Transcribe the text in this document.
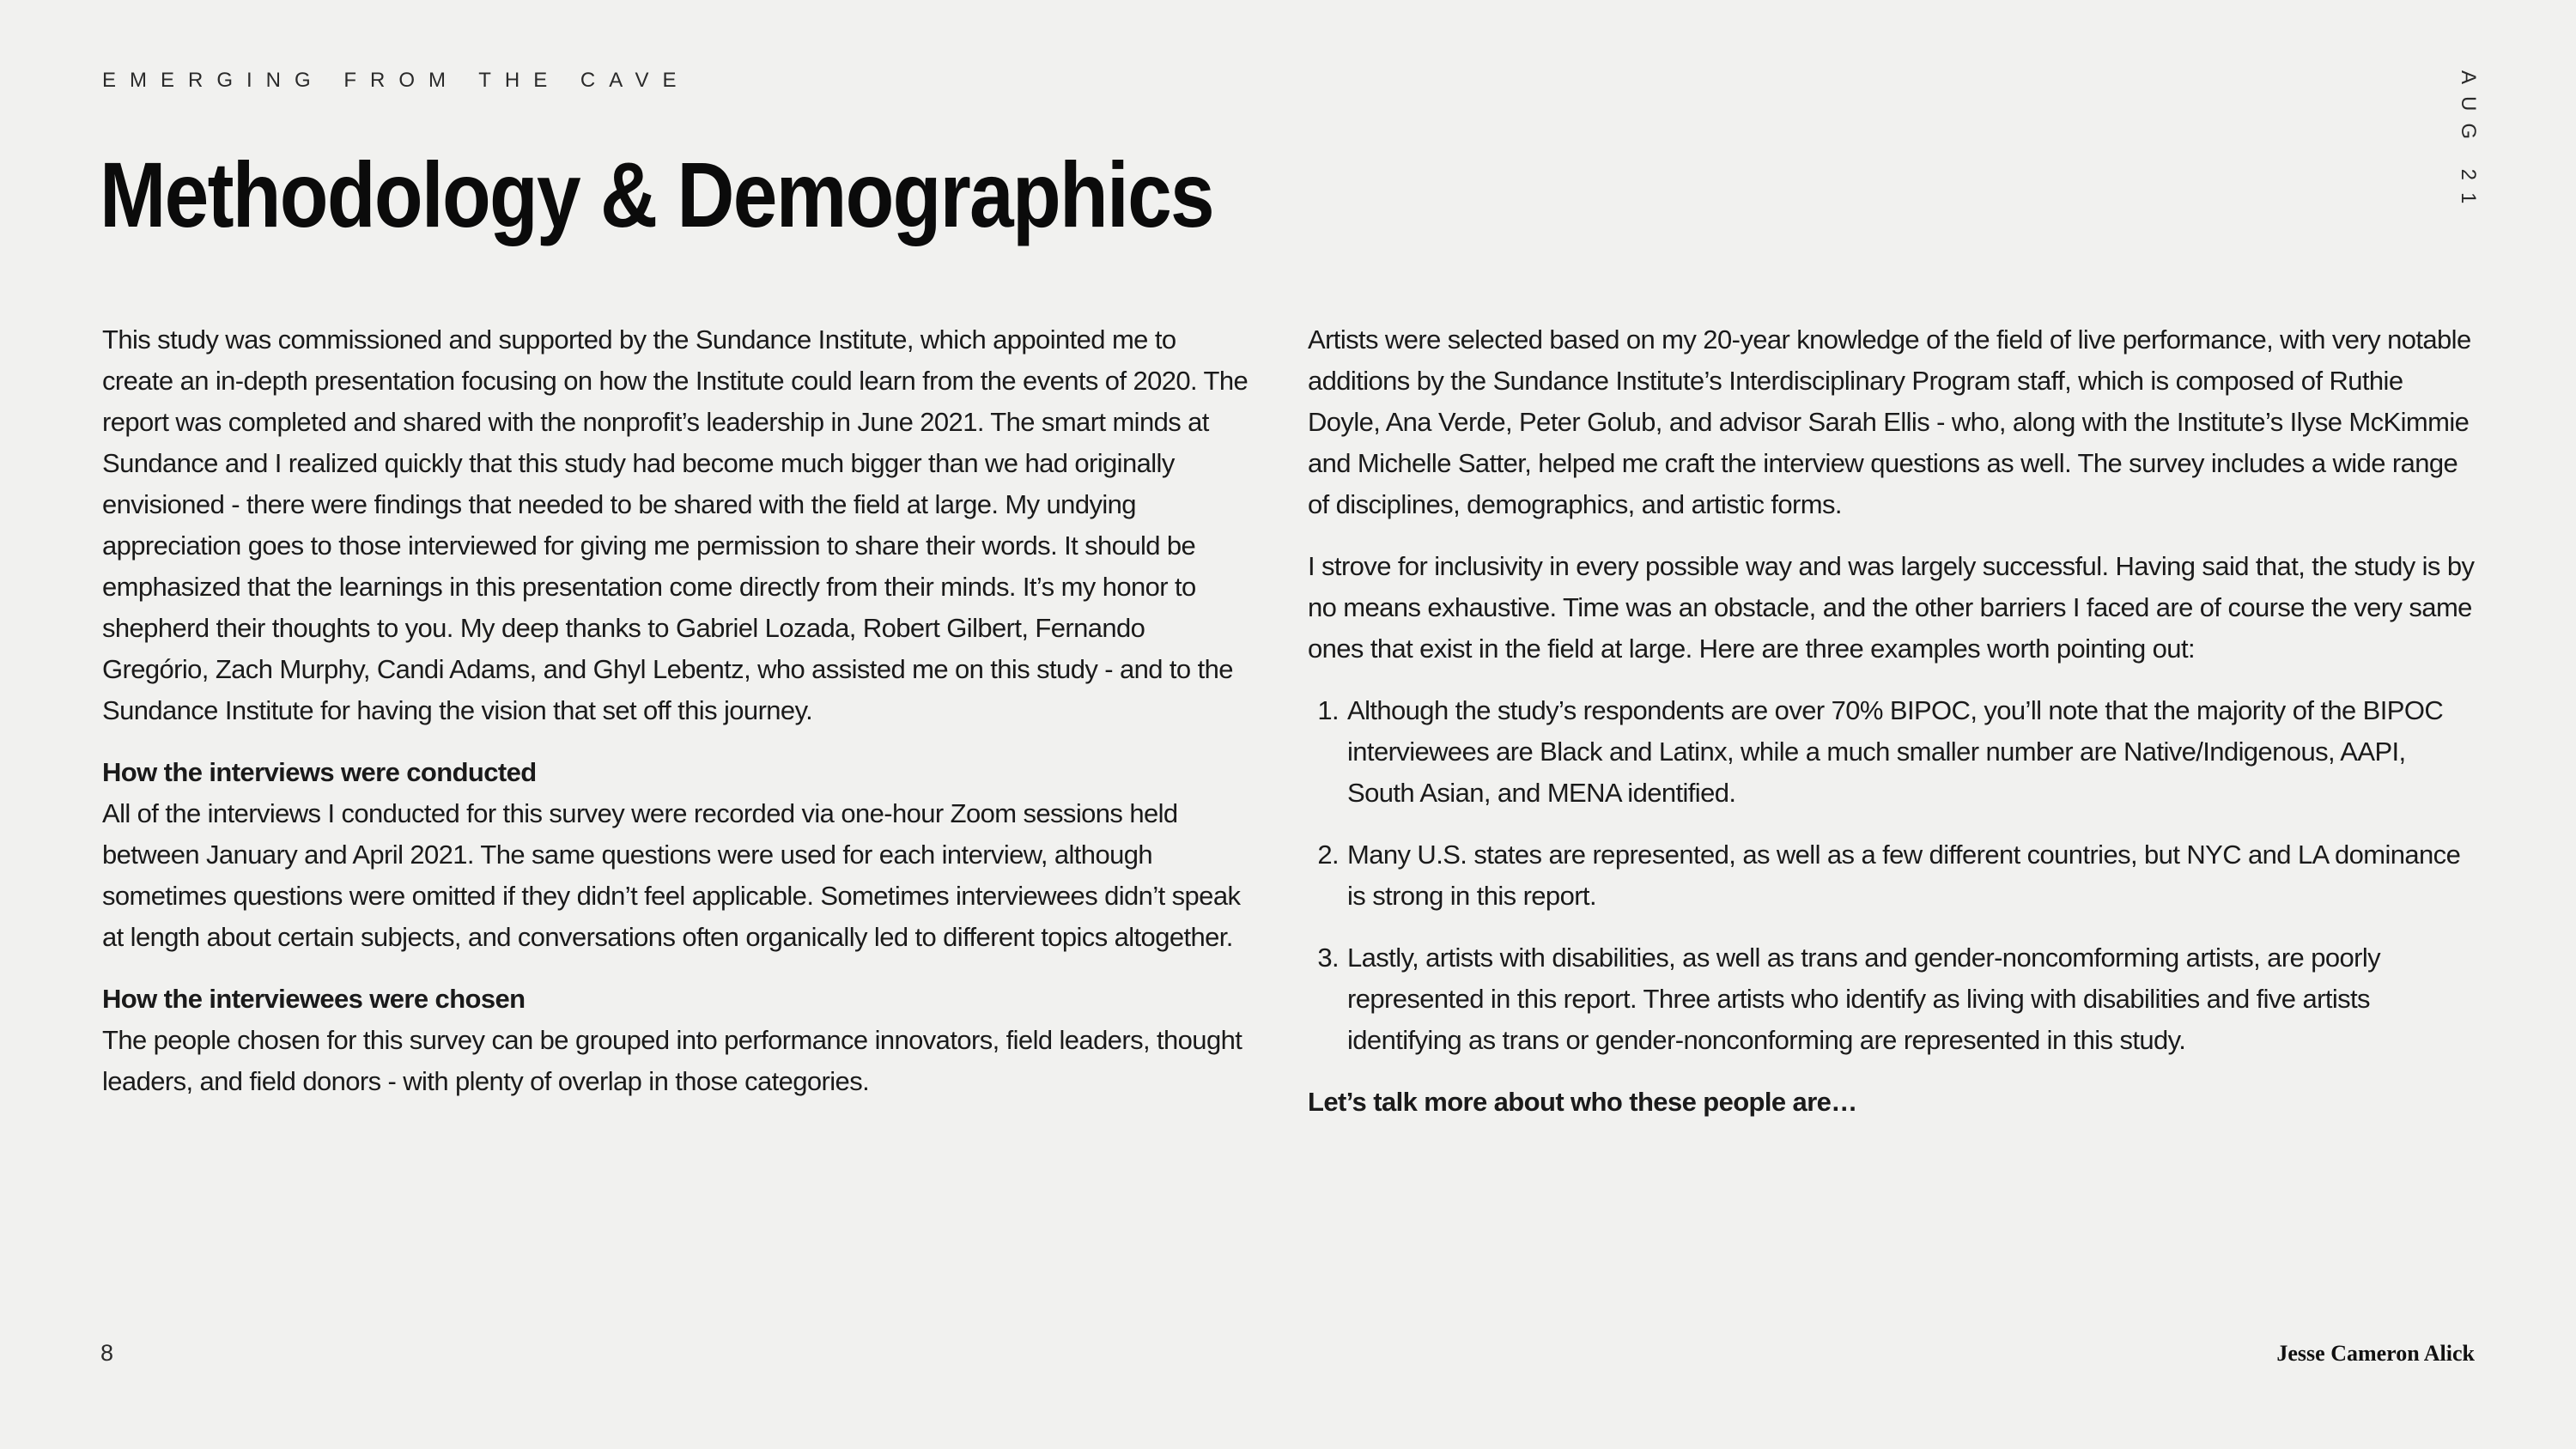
EMERGING FROM THE CAVE	AUG 21
Methodology & Demographics

This study was commissioned and supported by the Sundance Institute, which appointed me to create an in-depth presentation focusing on how the Institute could learn from the events of 2020. The report was completed and shared with the nonprofit’s leadership in June 2021. The smart minds at Sundance and I realized quickly that this study had become much bigger than we had originally envisioned - there were findings that needed to be shared with the field at large. My undying appreciation goes to those interviewed for giving me permission to share their words. It should be emphasized that the learnings in this presentation come directly from their minds. It’s my honor to shepherd their thoughts to you. My deep thanks to Gabriel Lozada, Robert Gilbert, Fernando Gregório, Zach Murphy, Candi Adams, and Ghyl Lebentz, who assisted me on this study - and to the Sundance Institute for having the vision that set off this journey.

How the interviews were conducted

All of the interviews I conducted for this survey were recorded via one-hour Zoom sessions held between January and April 2021. The same questions were used for each interview, although sometimes questions were omitted if they didn’t feel applicable. Sometimes interviewees didn’t speak at length about certain subjects, and conversations often organically led to different topics altogether.

How the interviewees were chosen

The people chosen for this survey can be grouped into performance innovators, field leaders, thought leaders, and field donors - with plenty of overlap in those categories.

Artists were selected based on my 20-year knowledge of the field of live performance, with very notable additions by the Sundance Institute’s Interdisciplinary Program staff, which is composed of Ruthie Doyle, Ana Verde, Peter Golub, and advisor Sarah Ellis - who, along with the Institute’s Ilyse McKimmie and Michelle Satter, helped me craft the interview questions as well. The survey includes a wide range of disciplines, demographics, and artistic forms.

I strove for inclusivity in every possible way and was largely successful. Having said that, the study is by no means exhaustive. Time was an obstacle, and the other barriers I faced are of course the very same ones that exist in the field at large. Here are three examples worth pointing out:

1. Although the study’s respondents are over 70% BIPOC, you’ll note that the majority of the BIPOC interviewees are Black and Latinx, while a much smaller number are Native/Indigenous, AAPI, South Asian, and MENA identified.
2. Many U.S. states are represented, as well as a few different countries, but NYC and LA dominance is strong in this report.
3. Lastly, artists with disabilities, as well as trans and gender-noncomforming artists, are poorly represented in this report. Three artists who identify as living with disabilities and five artists identifying as trans or gender-nonconforming are represented in this study.

Let’s talk more about who these people are…

8	Jesse Cameron Alick
